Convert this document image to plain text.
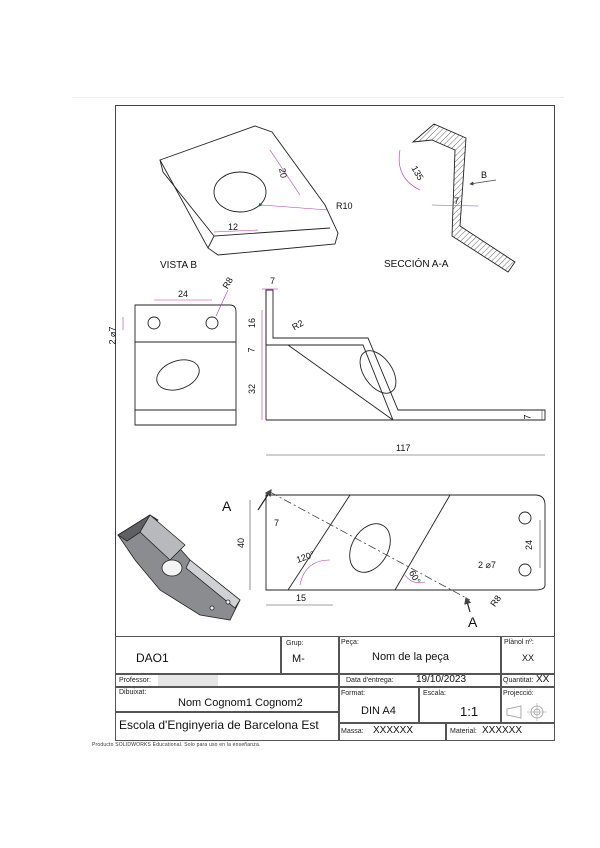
VISTA B	SECCIÓN A-A
B
20
R10
12
135
7
24
R8
2 ⌀7
7
16	R2
7
32
117
7
A
A
7
40
120°
60°
15
2 ⌀7
24
R8
DAO1
Grup:
M-
Peça:
Nom de la peça
Plànol nº:
XX
Professor:	Data d'entrega: 19/10/2023	Quantitat: XX
Dibuixat:
Nom Cognom1 Cognom2
Format:
DIN A4
Escala:
1:1
Projecció:
Escola d'Enginyeria de Barcelona Est	Massa: XXXXXX	Material: XXXXXX
Producto SOLIDWORKS Educational. Solo para uso en la enseñanza.
